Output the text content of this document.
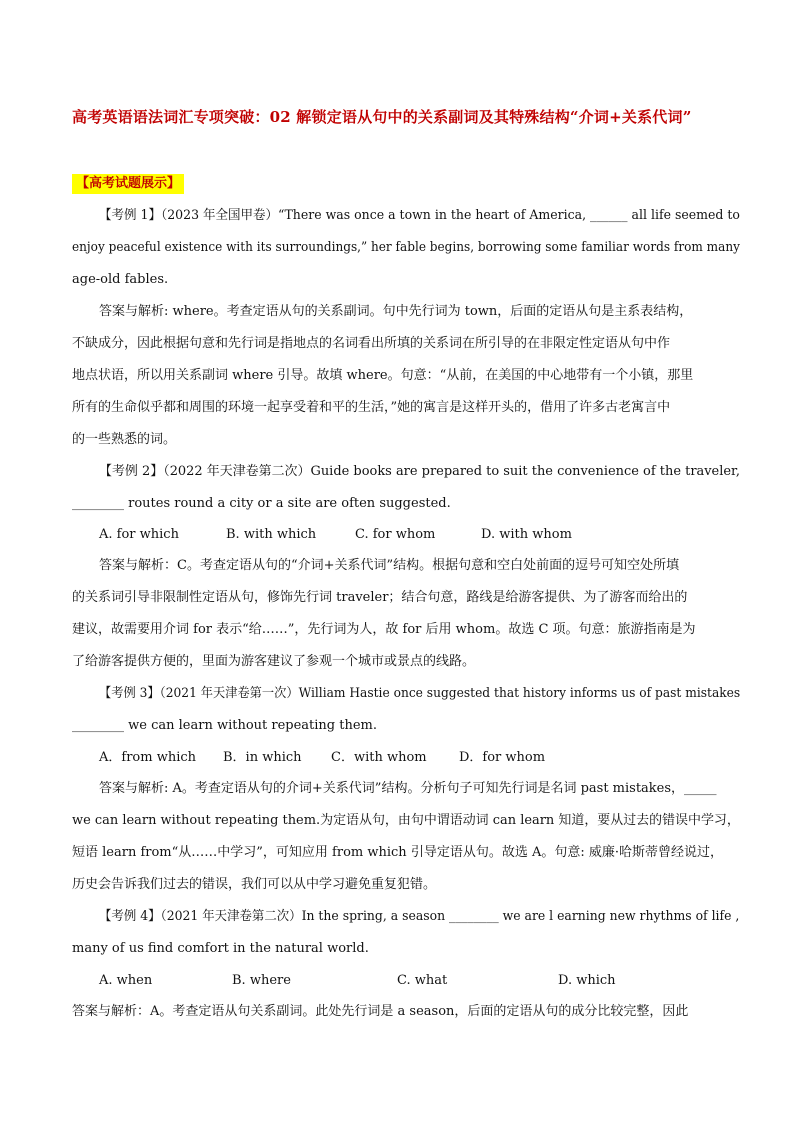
高考英语语法词汇专项突破：02 解锁定语从句中的关系副词及其特殊结构“介词+关系代词”
【高考试题展示】
【考例 1】（2023 年全国甲卷）“There was once a town in the heart of America, ______ all life seemed to
enjoy peaceful existence with its surroundings,” her fable begins, borrowing some familiar words from many
age-old fables.
答案与解析: where。考查定语从句的关系副词。句中先行词为 town，后面的定语从句是主系表结构，
不缺成分，因此根据句意和先行词是指地点的名词看出所填的关系词在所引导的在非限定性定语从句中作
地点状语，所以用关系副词 where 引导。故填 where。句意：“从前，在美国的中心地带有一个小镇，那里
所有的生命似乎都和周围的环境一起享受着和平的生活，”她的寓言是这样开头的，借用了许多古老寓言中
的一些熟悉的词。
【考例 2】（2022 年天津卷第二次）Guide books are prepared to suit the convenience of the traveler,
________ routes round a city or a site are often suggested.
A. for which	B. with which	C. for whom	D. with whom
答案与解析：C。考查定语从句的“介词+关系代词”结构。根据句意和空白处前面的逗号可知空处所填
的关系词引导非限制性定语从句，修饰先行词 traveler；结合句意，路线是给游客提供、为了游客而给出的
建议，故需要用介词 for 表示“给……”，先行词为人，故 for 后用 whom。故选 C 项。句意：旅游指南是为
了给游客提供方便的，里面为游客建议了参观一个城市或景点的线路。
【考例 3】（2021 年天津卷第一次）William Hastie once suggested that history informs us of past mistakes
________ we can learn without repeating them.
A．from which B．in which C．with whom D．for whom
答案与解析: A。考查定语从句的介词+关系代词”结构。分析句子可知先行词是名词 past mistakes，_____
we can learn without repeating them.为定语从句，由句中谓语动词 can learn 知道，要从过去的错误中学习，
短语 learn from“从……中学习”，可知应用 from which 引导定语从句。故选 A。句意: 威廉·哈斯蒂曾经说过，
历史会告诉我们过去的错误，我们可以从中学习避免重复犯错。
【考例 4】（2021 年天津卷第二次）In the spring, a season ________ we are l earning new rhythms of life ,
many of us find comfort in the natural world.
A. when	B. where	C. what	D. which
答案与解析：A。考查定语从句关系副词。此处先行词是 a season，后面的定语从句的成分比较完整，因此
